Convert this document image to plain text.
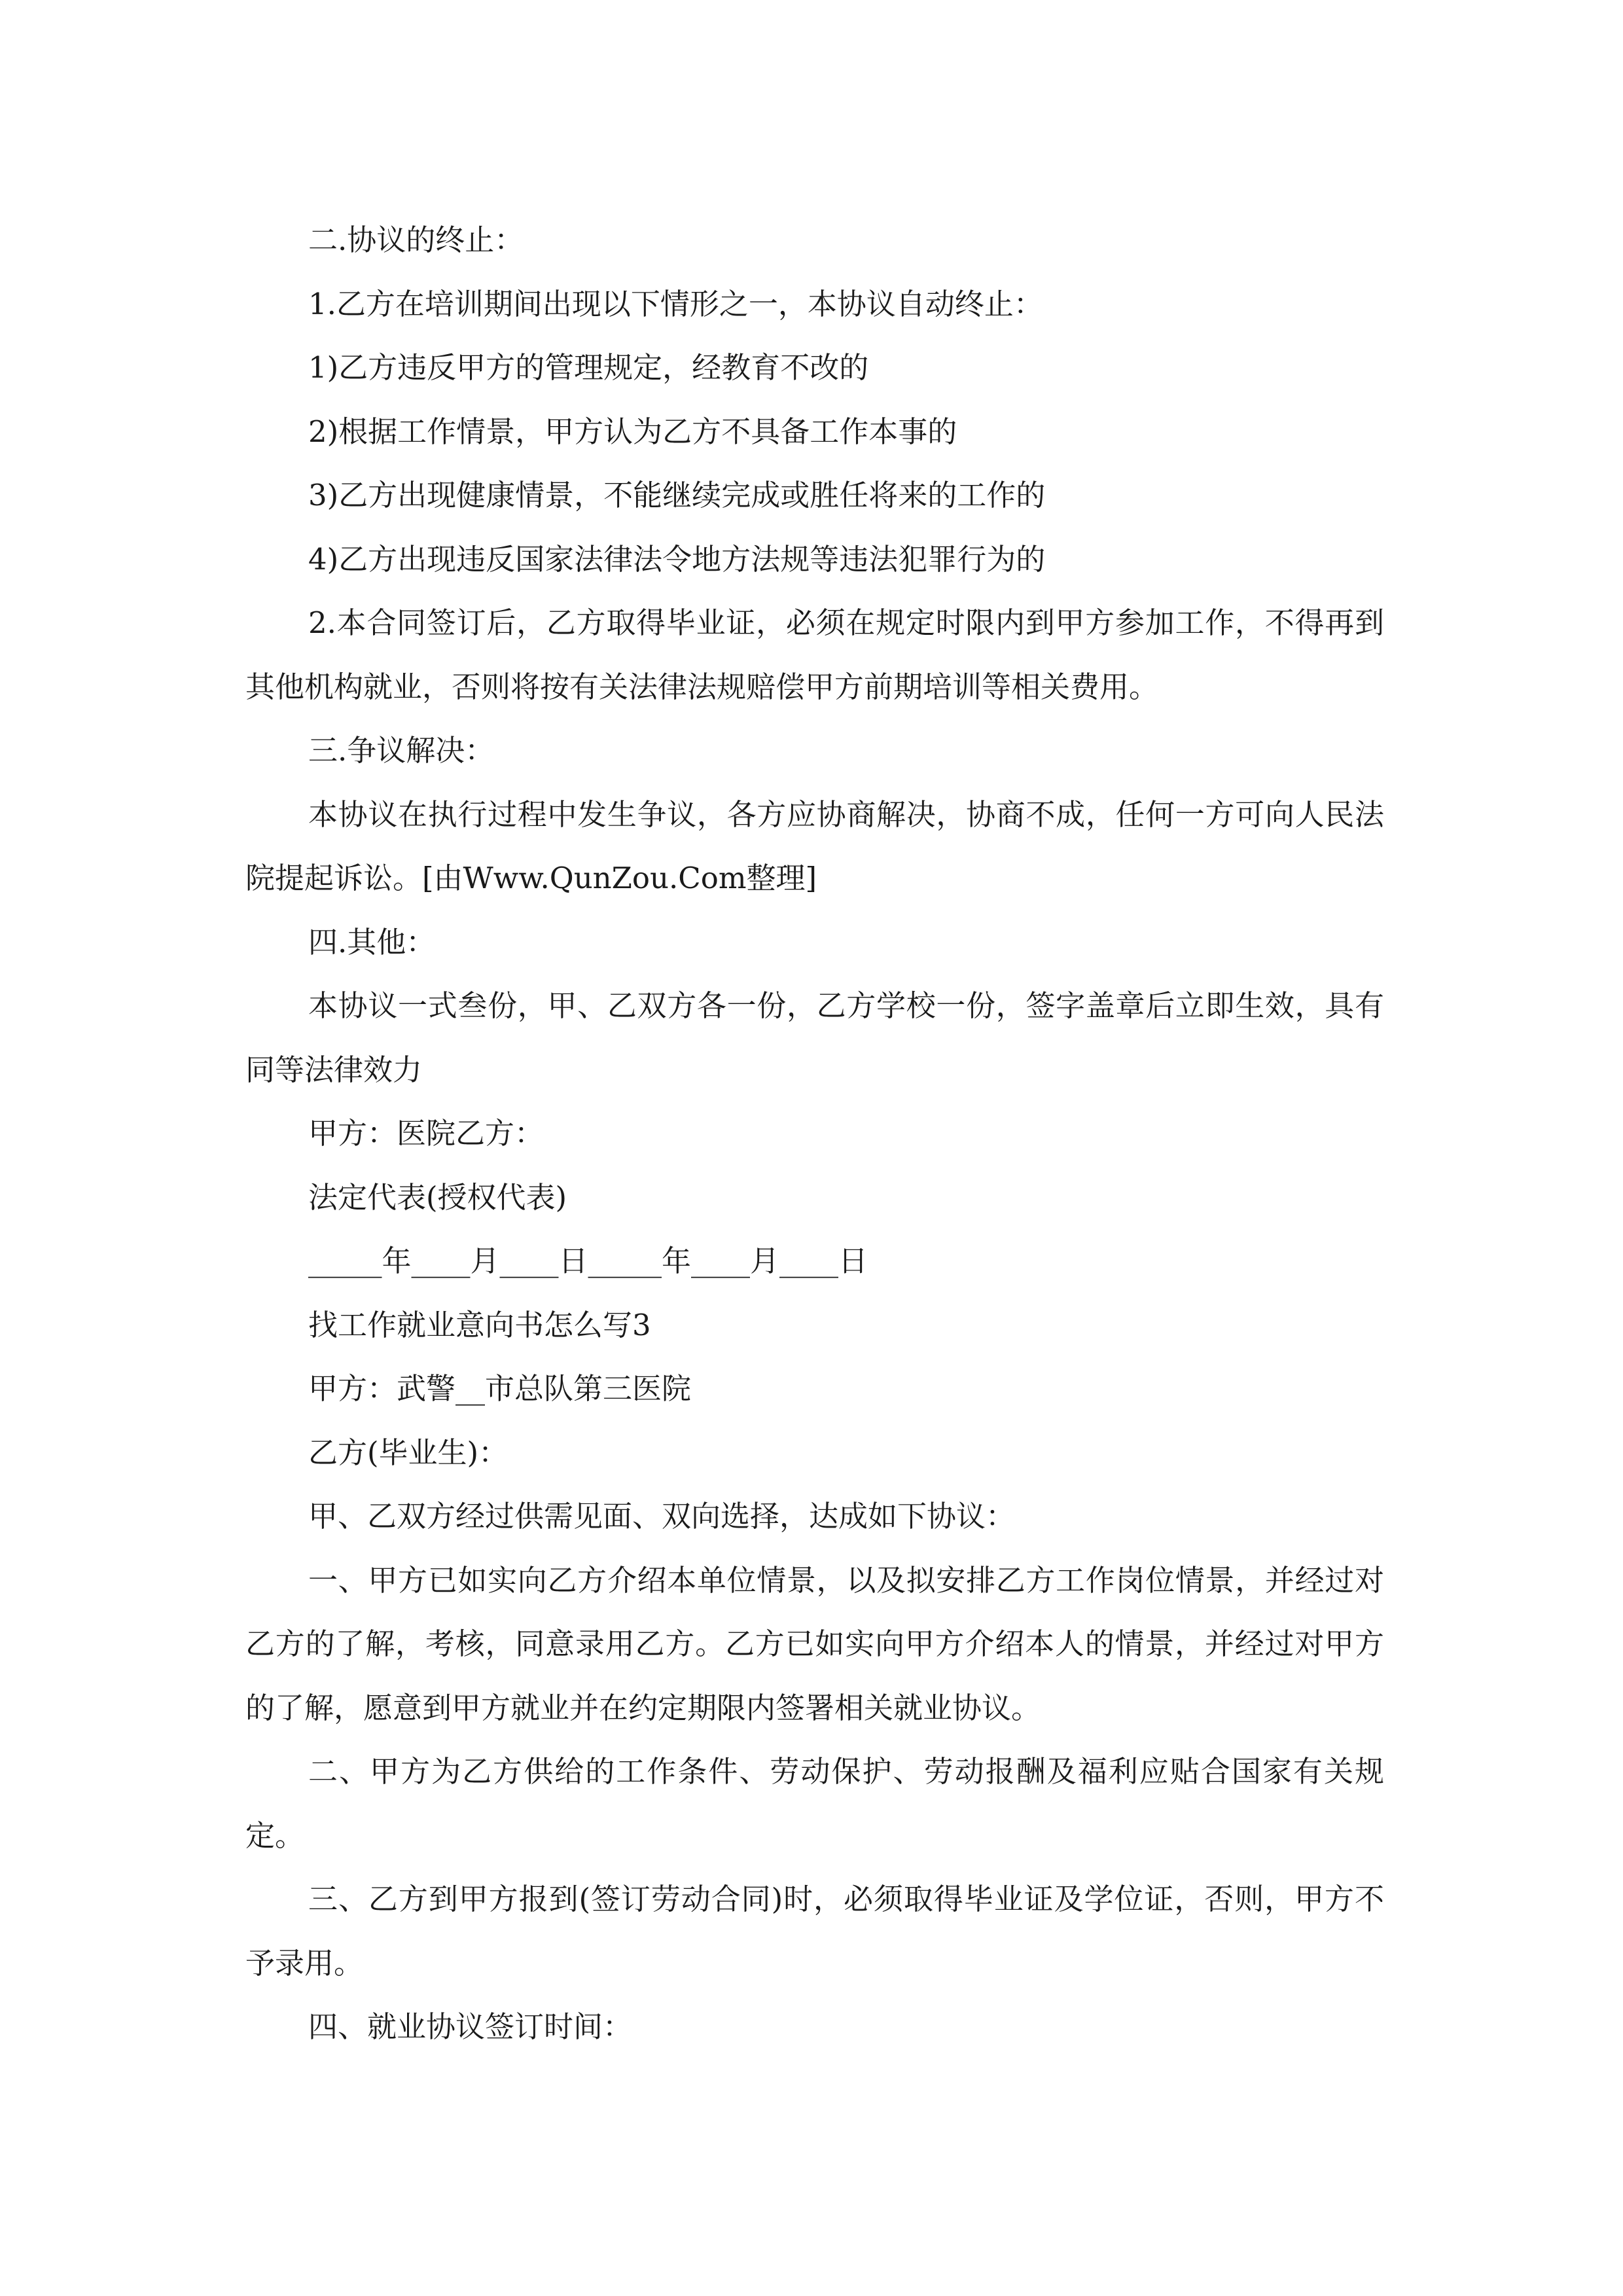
二.协议的终止：

1.乙方在培训期间出现以下情形之一，本协议自动终止：

1)乙方违反甲方的管理规定，经教育不改的

2)根据工作情景，甲方认为乙方不具备工作本事的

3)乙方出现健康情景，不能继续完成或胜任将来的工作的

4)乙方出现违反国家法律法令地方法规等违法犯罪行为的

2.本合同签订后，乙方取得毕业证，必须在规定时限内到甲方参加工作，不得再到其他机构就业，否则将按有关法律法规赔偿甲方前期培训等相关费用。

三.争议解决：

本协议在执行过程中发生争议，各方应协商解决，协商不成，任何一方可向人民法院提起诉讼。[由Www.QunZou.Com整理]

四.其他：

本协议一式叁份，甲、乙双方各一份，乙方学校一份，签字盖章后立即生效，具有同等法律效力

甲方：医院乙方：

法定代表(授权代表)

_____年____月____日_____年____月____日

找工作就业意向书怎么写3

甲方：武警__市总队第三医院

乙方(毕业生)：

甲、乙双方经过供需见面、双向选择，达成如下协议：

一、甲方已如实向乙方介绍本单位情景，以及拟安排乙方工作岗位情景，并经过对乙方的了解，考核，同意录用乙方。乙方已如实向甲方介绍本人的情景，并经过对甲方的了解，愿意到甲方就业并在约定期限内签署相关就业协议。

二、甲方为乙方供给的工作条件、劳动保护、劳动报酬及福利应贴合国家有关规定。

三、乙方到甲方报到(签订劳动合同)时，必须取得毕业证及学位证，否则，甲方不予录用。

四、就业协议签订时间：
